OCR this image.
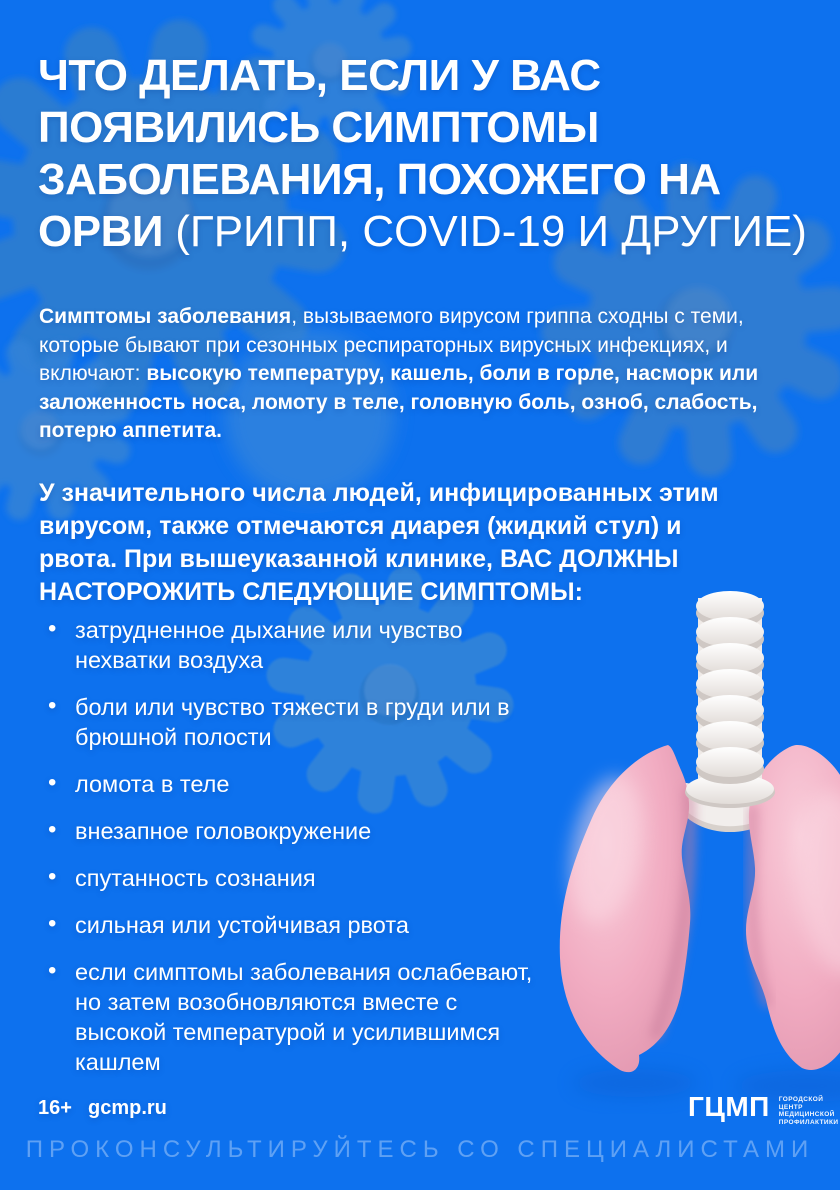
ЧТО ДЕЛАТЬ, ЕСЛИ У ВАС
ПОЯВИЛИСЬ СИМПТОМЫ
ЗАБОЛЕВАНИЯ, ПОХОЖЕГО НА
ОРВИ (ГРИПП, COVID-19 И ДРУГИЕ)

Симптомы заболевания, вызываемого вирусом гриппа сходны с теми, которые бывают при сезонных респираторных вирусных инфекциях, и включают: высокую температуру, кашель, боли в горле, насморк или заложенность носа, ломоту в теле, головную боль, озноб, слабость, потерю аппетита.

У значительного числа людей, инфицированных этим вирусом, также отмечаются диарея (жидкий стул) и рвота. При вышеуказанной клинике, ВАС ДОЛЖНЫ НАСТОРОЖИТЬ СЛЕДУЮЩИЕ СИМПТОМЫ:

• затрудненное дыхание или чувство нехватки воздуха
• боли или чувство тяжести в груди или в брюшной полости
• ломота в теле
• внезапное головокружение
• спутанность сознания
• сильная или устойчивая рвота
• если симптомы заболевания ослабевают, но затем возобновляются вместе с высокой температурой и усилившимся кашлем
16+ gcmp.ru	ГЦМП ГОРОДСКОЙ ЦЕНТР
МЕДИЦИНСКОЙ
ПРОФИЛАКТИКИ
ПРОКОНСУЛЬТИРУЙТЕСЬ СО СПЕЦИАЛИСТАМИ
